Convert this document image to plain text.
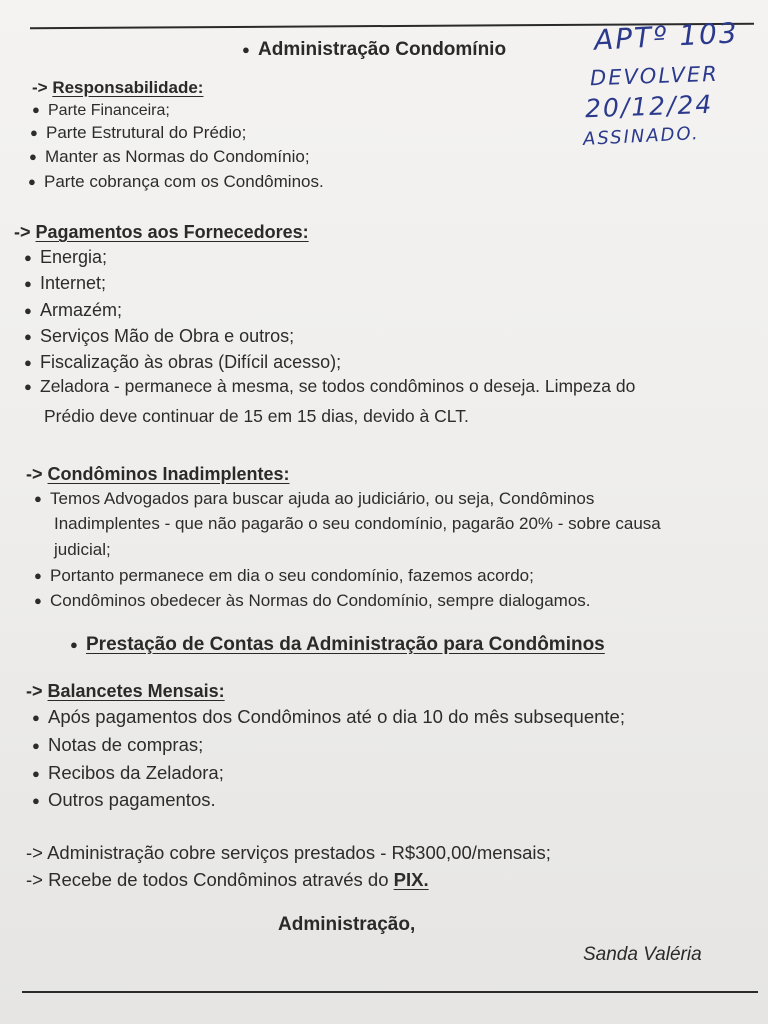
● Administração Condomínio	APTº 103
DEVOLVER
20/12/24
ASSINADO.
-> Responsabilidade:
● Parte Financeira;
● Parte Estrutural do Prédio;
● Manter as Normas do Condomínio;
● Parte cobrança com os Condôminos.
-> Pagamentos aos Fornecedores:
● Energia;
● Internet;
● Armazém;
● Serviços Mão de Obra e outros;
● Fiscalização às obras (Difícil acesso);
● Zeladora - permanece à mesma, se todos condôminos o deseja. Limpeza do
Prédio deve continuar de 15 em 15 dias, devido à CLT.
-> Condôminos Inadimplentes:
● Temos Advogados para buscar ajuda ao judiciário, ou seja, Condôminos
Inadimplentes - que não pagarão o seu condomínio, pagarão 20% - sobre causa
judicial;
● Portanto permanece em dia o seu condomínio, fazemos acordo;
● Condôminos obedecer às Normas do Condomínio, sempre dialogamos.
● Prestação de Contas da Administração para Condôminos
-> Balancetes Mensais:
● Após pagamentos dos Condôminos até o dia 10 do mês subsequente;
● Notas de compras;
● Recibos da Zeladora;
● Outros pagamentos.
-> Administração cobre serviços prestados - R$300,00/mensais;
-> Recebe de todos Condôminos através do PIX.
Administração,
Sanda Valéria
